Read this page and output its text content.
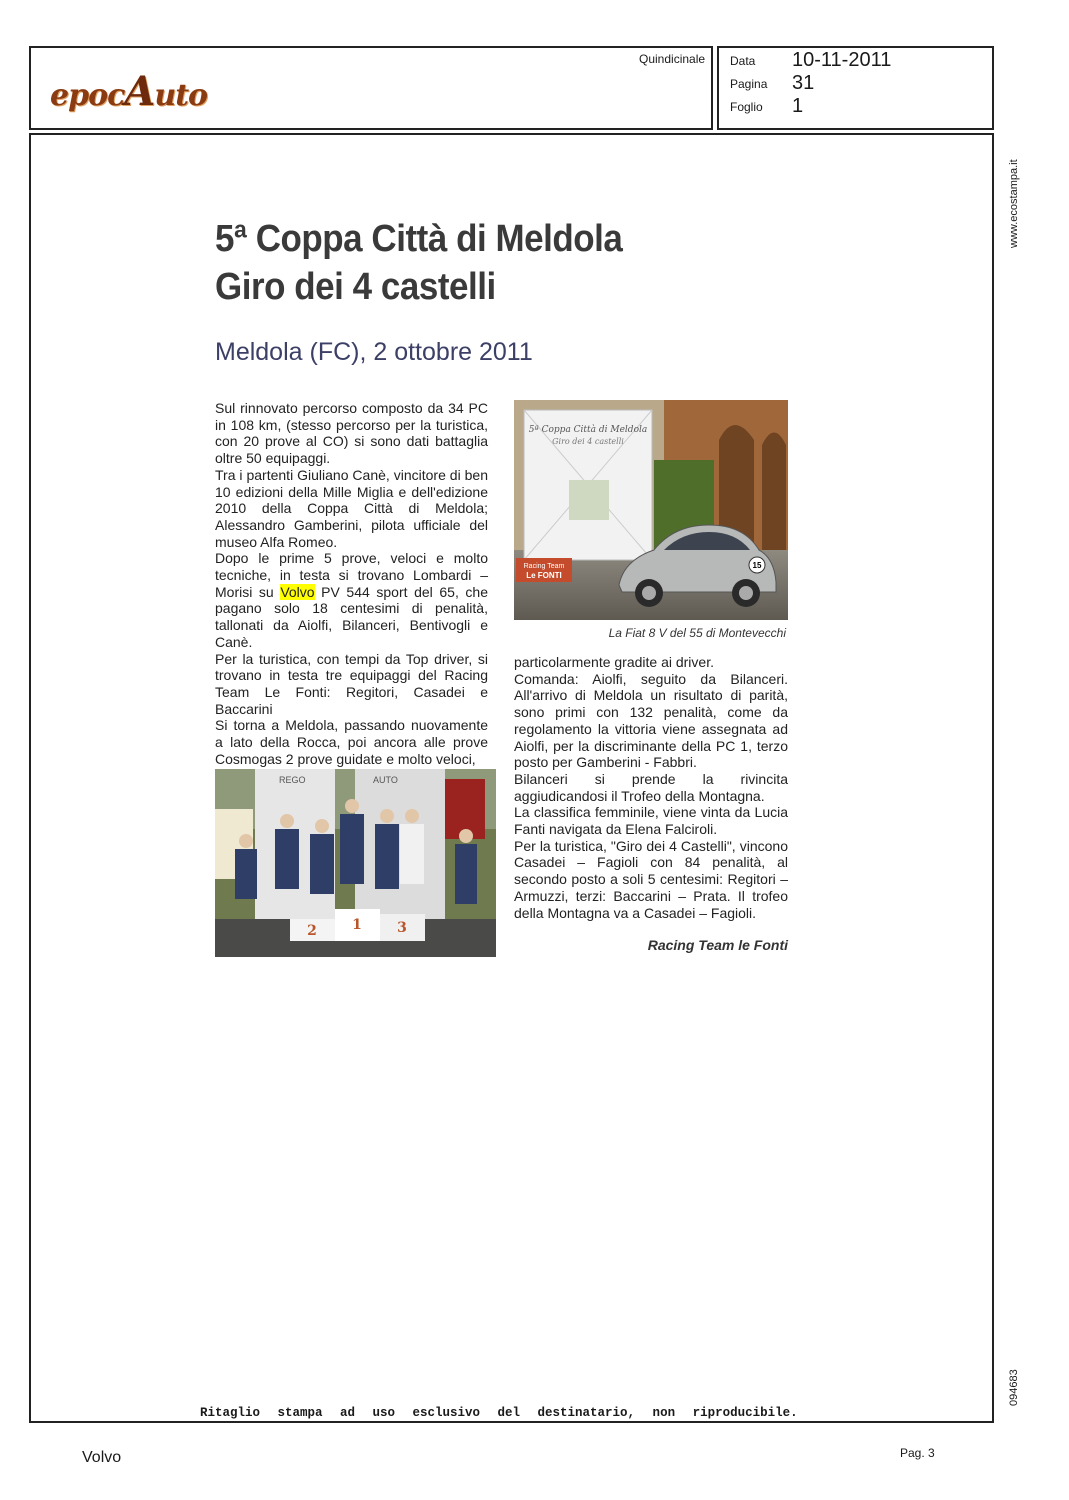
epocAuto
Quindicinale Data 10-11-2011
Pagina 31
Foglio 1
www.ecostampa.it
094683
5ª Coppa Città di Meldola
Giro dei 4 castelli
Meldola (FC), 2 ottobre 2011

Sul rinnovato percorso composto da 34 PC in 108 km, (stesso percorso per la turistica, con 20 prove al CO) si sono dati battaglia oltre 50 equipaggi.

Tra i partenti Giuliano Canè, vincitore di ben 10 edizioni della Mille Miglia e dell'edizione 2010 della Coppa Città di Meldola; Alessandro Gamberini, pilota ufficiale del museo Alfa Romeo.

Dopo le prime 5 prove, veloci e molto tecniche, in testa si trovano Lombardi – Morisi su Volvo PV 544 sport del 65, che pagano solo 18 centesimi di penalità, tallonati da Aiolfi, Bilanceri, Bentivogli e Canè.

Per la turistica, con tempi da Top driver, si trovano in testa tre equipaggi del Racing Team Le Fonti: Regitori, Casadei e Baccarini

Si torna a Meldola, passando nuovamente a lato della Rocca, poi ancora alle prove Cosmogas 2 prove guidate e molto veloci,

5ª Coppa Città di Meldola
Giro dei 4 castelli
Racing Team
Le FONTI
15
La Fiat 8 V del 55 di Montevecchi

particolarmente gradite ai driver.

Comanda: Aiolfi, seguito da Bilanceri. All'arrivo di Meldola un risultato di parità, sono primi con 132 penalità, come da regolamento la vittoria viene assegnata ad Aiolfi, per la discriminante della PC 1, terzo posto per Gamberini - Fabbri.

Bilanceri si prende la rivincita aggiudicandosi il Trofeo della Montagna.

La classifica femminile, viene vinta da Lucia Fanti navigata da Elena Falciroli.

Per la turistica, "Giro dei 4 Castelli", vincono Casadei – Fagioli con 84 penalità, al secondo posto a soli 5 centesimi: Regitori – Armuzzi, terzi: Baccarini – Prata. Il trofeo della Montagna va a Casadei – Fagioli.

Racing Team le Fonti
REGO	AUTO
2	1	3
Ritaglio stampa ad uso esclusivo del destinatario, non riproducibile.
Volvo	Pag. 3
